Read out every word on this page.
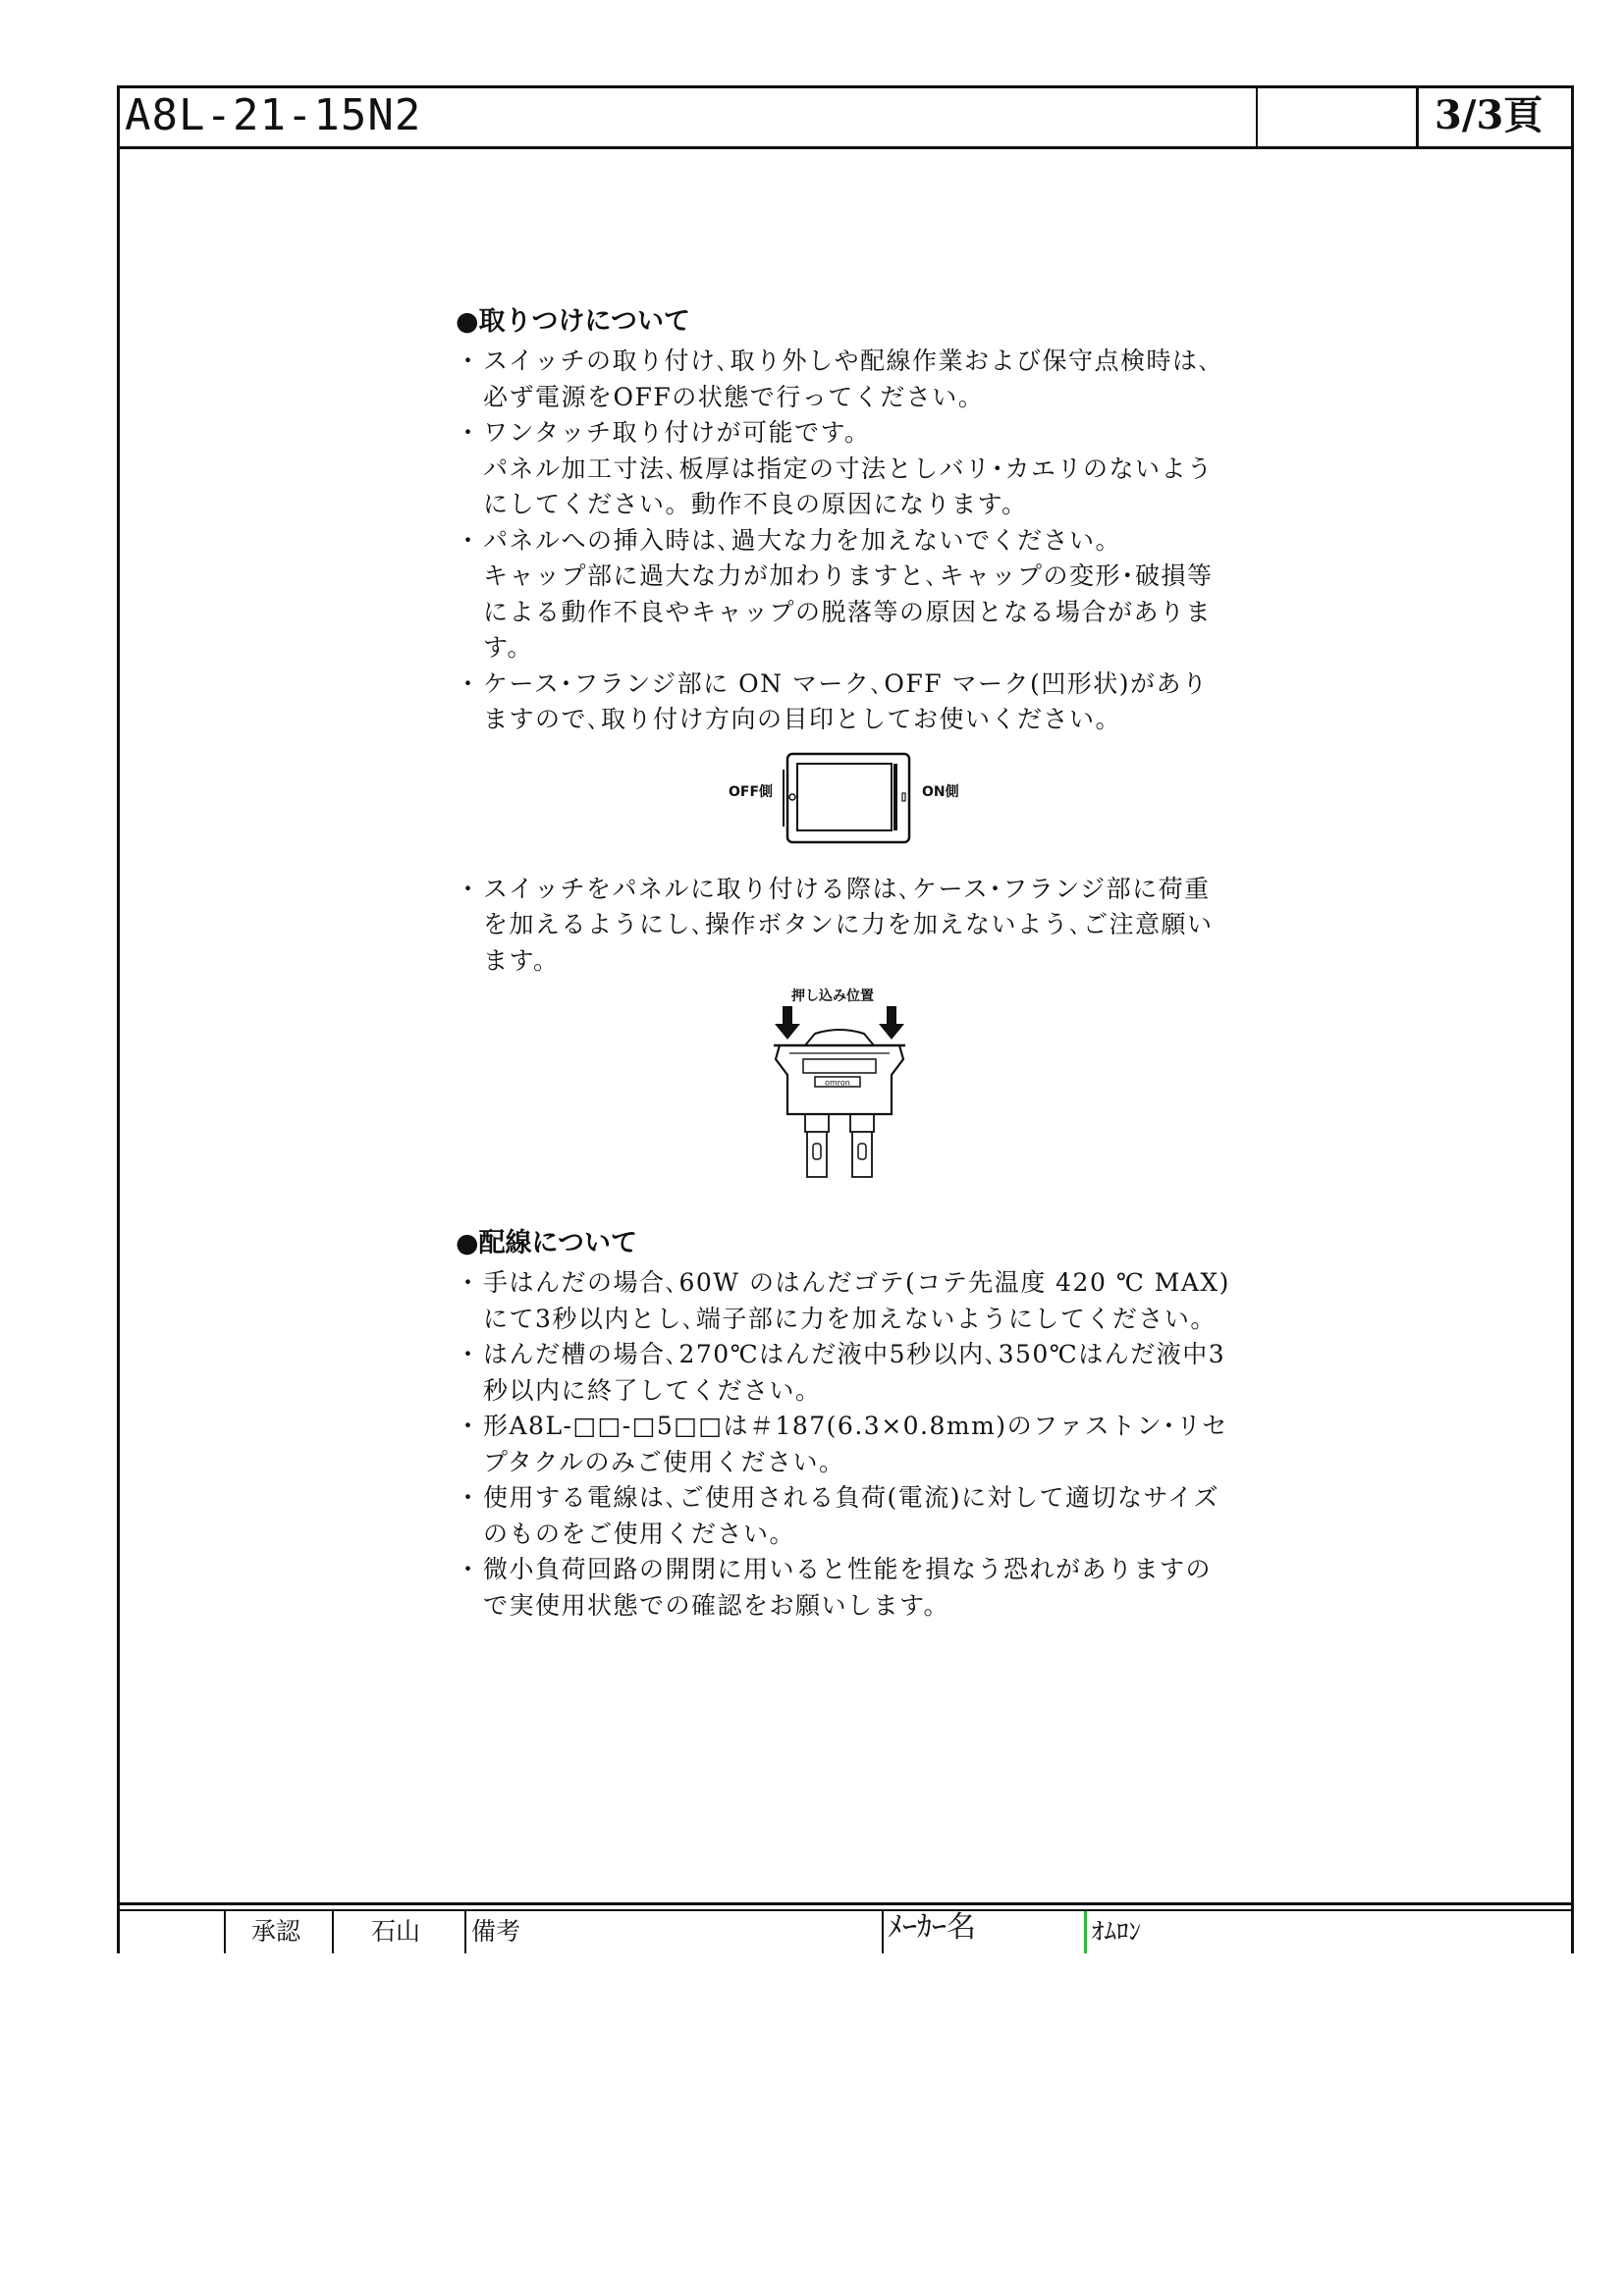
A8L-21-15N2	3/3頁

●取りつけについて

・スイッチの取り付け､取り外しや配線作業および保守点検時は､必ず電源をOFFの状態で行ってください。

・ワンタッチ取り付けが可能です。

パネル加工寸法､板厚は指定の寸法としバリ･カエリのないようにしてください。動作不良の原因になります。

・パネルへの挿入時は､過大な力を加えないでください。

キャップ部に過大な力が加わりますと､キャップの変形･破損等による動作不良やキャップの脱落等の原因となる場合があります。

・ケース･フランジ部に ON マーク､OFF マーク(凹形状)がありますので､取り付け方向の目印としてお使いください。

OFF側	ON側

・スイッチをパネルに取り付ける際は､ケース･フランジ部に荷重を加えるようにし､操作ボタンに力を加えないよう､ご注意願います。

押し込み位置
omron

●配線について

・手はんだの場合､60W のはんだゴテ(コテ先温度 420 ℃ MAX)にて3秒以内とし､端子部に力を加えないようにしてください。

・はんだ槽の場合､270℃はんだ液中5秒以内､350℃はんだ液中3秒以内に終了してください。

・形A8L-□□-□5□□は＃187(6.3×0.8mm)のファストン･リセプタクルのみご使用ください。

・使用する電線は､ご使用される負荷(電流)に対して適切なサイズのものをご使用ください。

・微小負荷回路の開閉に用いると性能を損なう恐れがありますので実使用状態での確認をお願いします。

承認	石山 備考	ﾒｰｶｰ名	ｵﾑﾛﾝ
